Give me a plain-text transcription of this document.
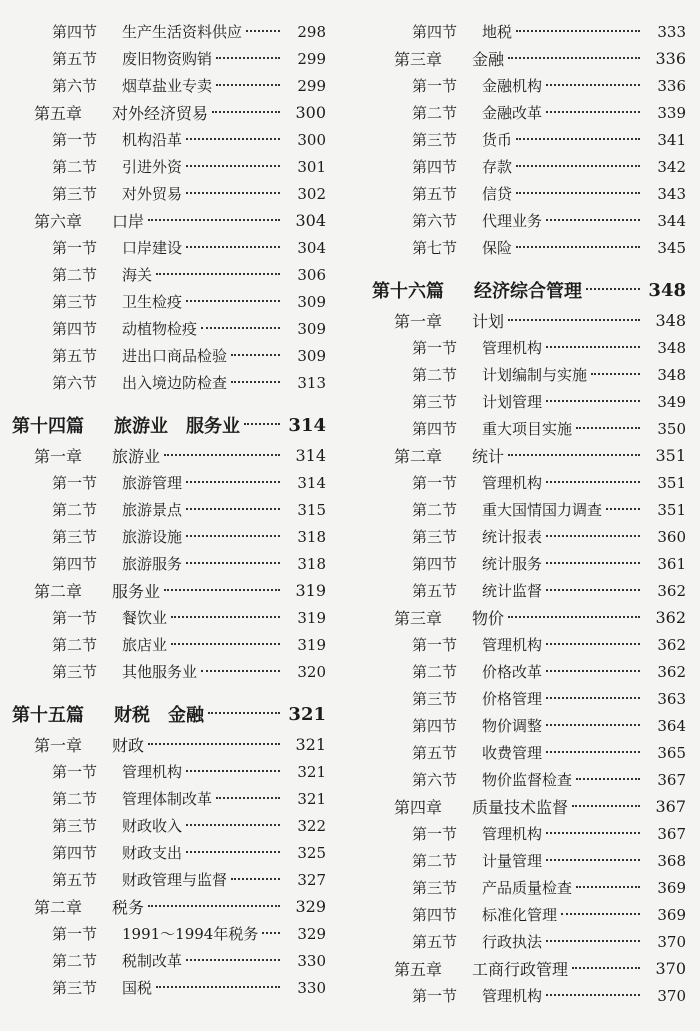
第四节	生产生活资料供应	298
第五节	废旧物资购销	299
第六节	烟草盐业专卖	299
第五章	对外经济贸易	300
第一节	机构沿革	300
第二节	引进外资	301
第三节	对外贸易	302
第六章	口岸	304
第一节	口岸建设	304
第二节	海关	306
第三节	卫生检疫	309
第四节	动植物检疫	309
第五节	进出口商品检验	309
第六节	出入境边防检查	313
第十四篇	旅游业　服务业	314
第一章	旅游业	314
第一节	旅游管理	314
第二节	旅游景点	315
第三节	旅游设施	318
第四节	旅游服务	318
第二章	服务业	319
第一节	餐饮业	319
第二节	旅店业	319
第三节	其他服务业	320
第十五篇	财税　金融	321
第一章	财政	321
第一节	管理机构	321
第二节	管理体制改革	321
第三节	财政收入	322
第四节	财政支出	325
第五节	财政管理与监督	327
第二章	税务	329
第一节	1991～1994年税务	329
第二节	税制改革	330
第三节	国税	330
第四节	地税	333
第三章	金融	336
第一节	金融机构	336
第二节	金融改革	339
第三节	货币	341
第四节	存款	342
第五节	信贷	343
第六节	代理业务	344
第七节	保险	345
第十六篇	经济综合管理	348
第一章	计划	348
第一节	管理机构	348
第二节	计划编制与实施	348
第三节	计划管理	349
第四节	重大项目实施	350
第二章	统计	351
第一节	管理机构	351
第二节	重大国情国力调查	351
第三节	统计报表	360
第四节	统计服务	361
第五节	统计监督	362
第三章	物价	362
第一节	管理机构	362
第二节	价格改革	362
第三节	价格管理	363
第四节	物价调整	364
第五节	收费管理	365
第六节	物价监督检查	367
第四章	质量技术监督	367
第一节	管理机构	367
第二节	计量管理	368
第三节	产品质量检查	369
第四节	标准化管理	369
第五节	行政执法	370
第五章	工商行政管理	370
第一节	管理机构	370
